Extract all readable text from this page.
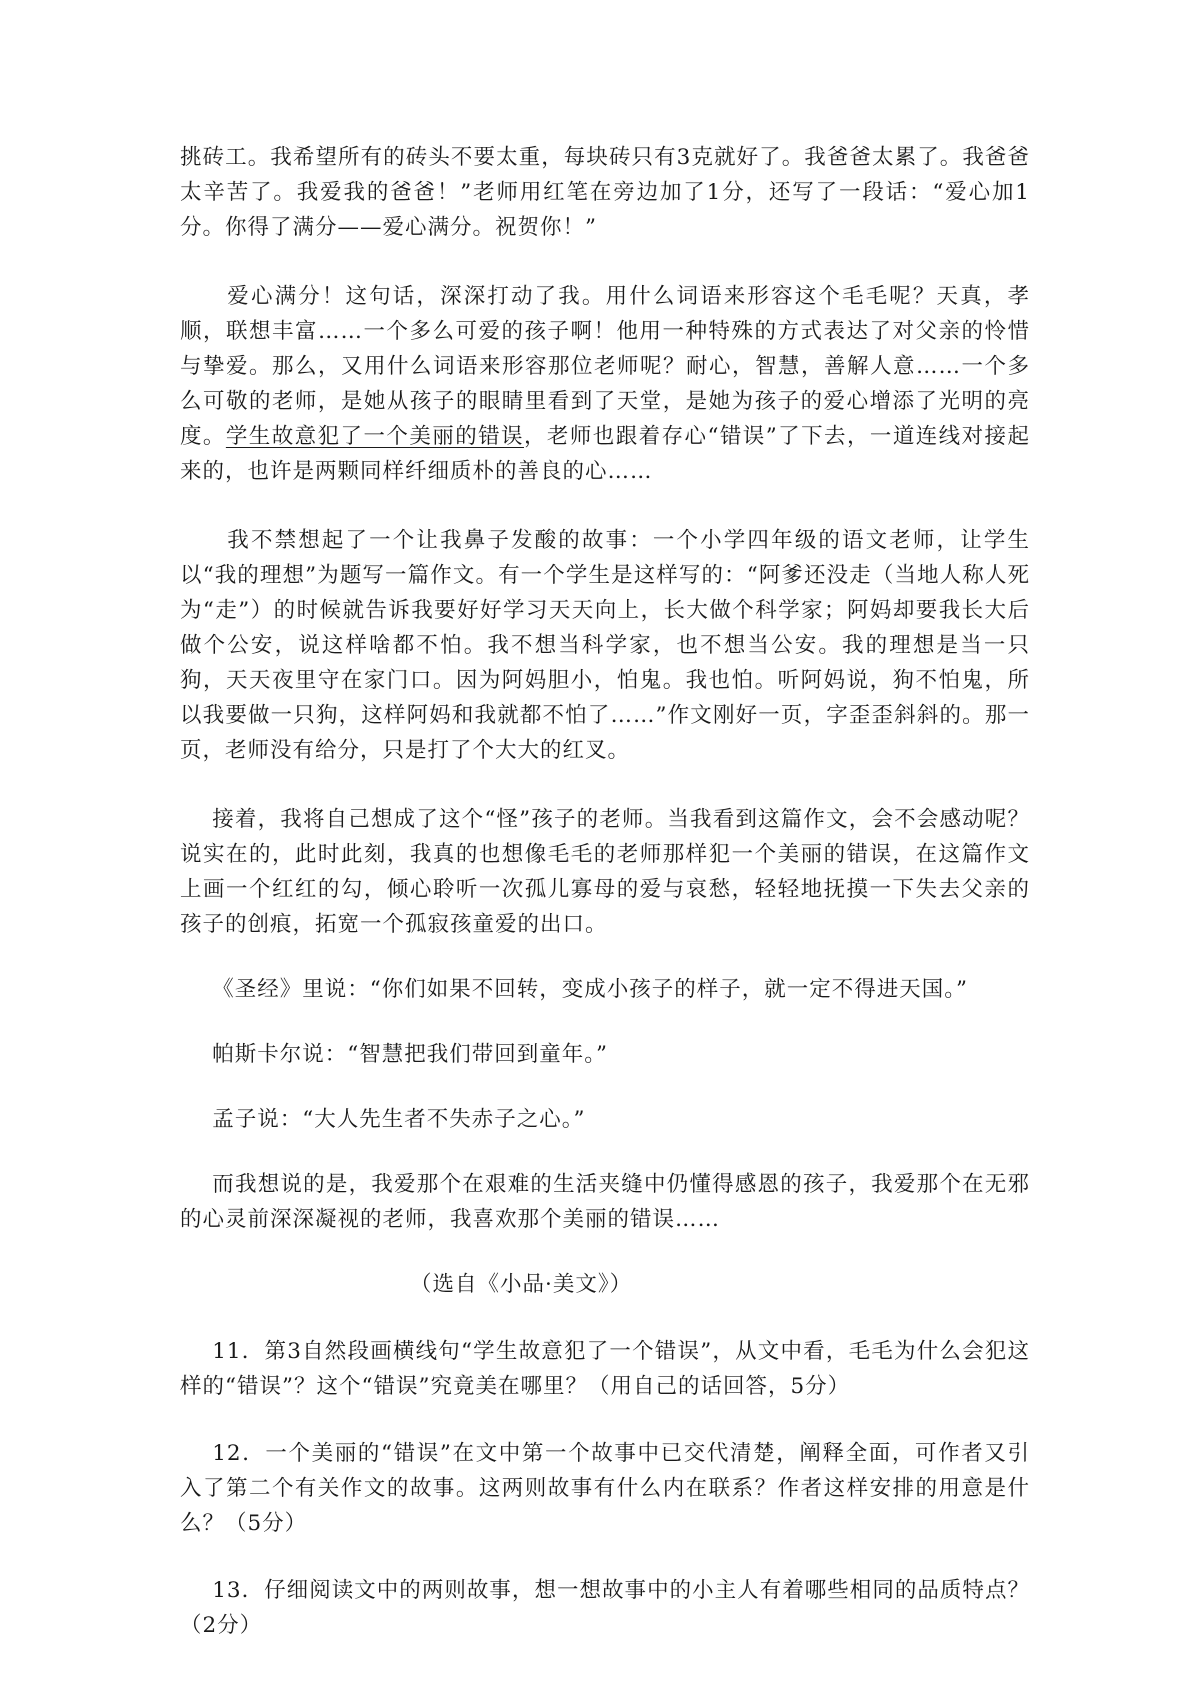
挑砖工。我希望所有的砖头不要太重，每块砖只有3克就好了。我爸爸太累了。我爸爸太辛苦了。我爱我的爸爸！”老师用红笔在旁边加了1分，还写了一段话：“爱心加1分。你得了满分——爱心满分。祝贺你！”

爱心满分！这句话，深深打动了我。用什么词语来形容这个毛毛呢？天真，孝顺，联想丰富……一个多么可爱的孩子啊！他用一种特殊的方式表达了对父亲的怜惜与挚爱。那么，又用什么词语来形容那位老师呢？耐心，智慧，善解人意……一个多么可敬的老师，是她从孩子的眼睛里看到了天堂，是她为孩子的爱心增添了光明的亮度。学生故意犯了一个美丽的错误，老师也跟着存心“错误”了下去，一道连线对接起来的，也许是两颗同样纤细质朴的善良的心……

我不禁想起了一个让我鼻子发酸的故事：一个小学四年级的语文老师，让学生以“我的理想”为题写一篇作文。有一个学生是这样写的：“阿爹还没走（当地人称人死为“走”）的时候就告诉我要好好学习天天向上，长大做个科学家；阿妈却要我长大后做个公安，说这样啥都不怕。我不想当科学家，也不想当公安。我的理想是当一只狗，天天夜里守在家门口。因为阿妈胆小，怕鬼。我也怕。听阿妈说，狗不怕鬼，所以我要做一只狗，这样阿妈和我就都不怕了……”作文刚好一页，字歪歪斜斜的。那一页，老师没有给分，只是打了个大大的红叉。

接着，我将自己想成了这个“怪”孩子的老师。当我看到这篇作文，会不会感动呢？说实在的，此时此刻，我真的也想像毛毛的老师那样犯一个美丽的错误，在这篇作文上画一个红红的勾，倾心聆听一次孤儿寡母的爱与哀愁，轻轻地抚摸一下失去父亲的孩子的创痕，拓宽一个孤寂孩童爱的出口。

《圣经》里说：“你们如果不回转，变成小孩子的样子，就一定不得进天国。”

帕斯卡尔说：“智慧把我们带回到童年。”

孟子说：“大人先生者不失赤子之心。”

而我想说的是，我爱那个在艰难的生活夹缝中仍懂得感恩的孩子，我爱那个在无邪的心灵前深深凝视的老师，我喜欢那个美丽的错误……

（选自《小品·美文》）

11．第3自然段画横线句“学生故意犯了一个错误”，从文中看，毛毛为什么会犯这样的“错误”？这个“错误”究竟美在哪里？（用自己的话回答，5分）

12．一个美丽的“错误”在文中第一个故事中已交代清楚，阐释全面，可作者又引入了第二个有关作文的故事。这两则故事有什么内在联系？作者这样安排的用意是什么？（5分）

13．仔细阅读文中的两则故事，想一想故事中的小主人有着哪些相同的品质特点？（2分）
